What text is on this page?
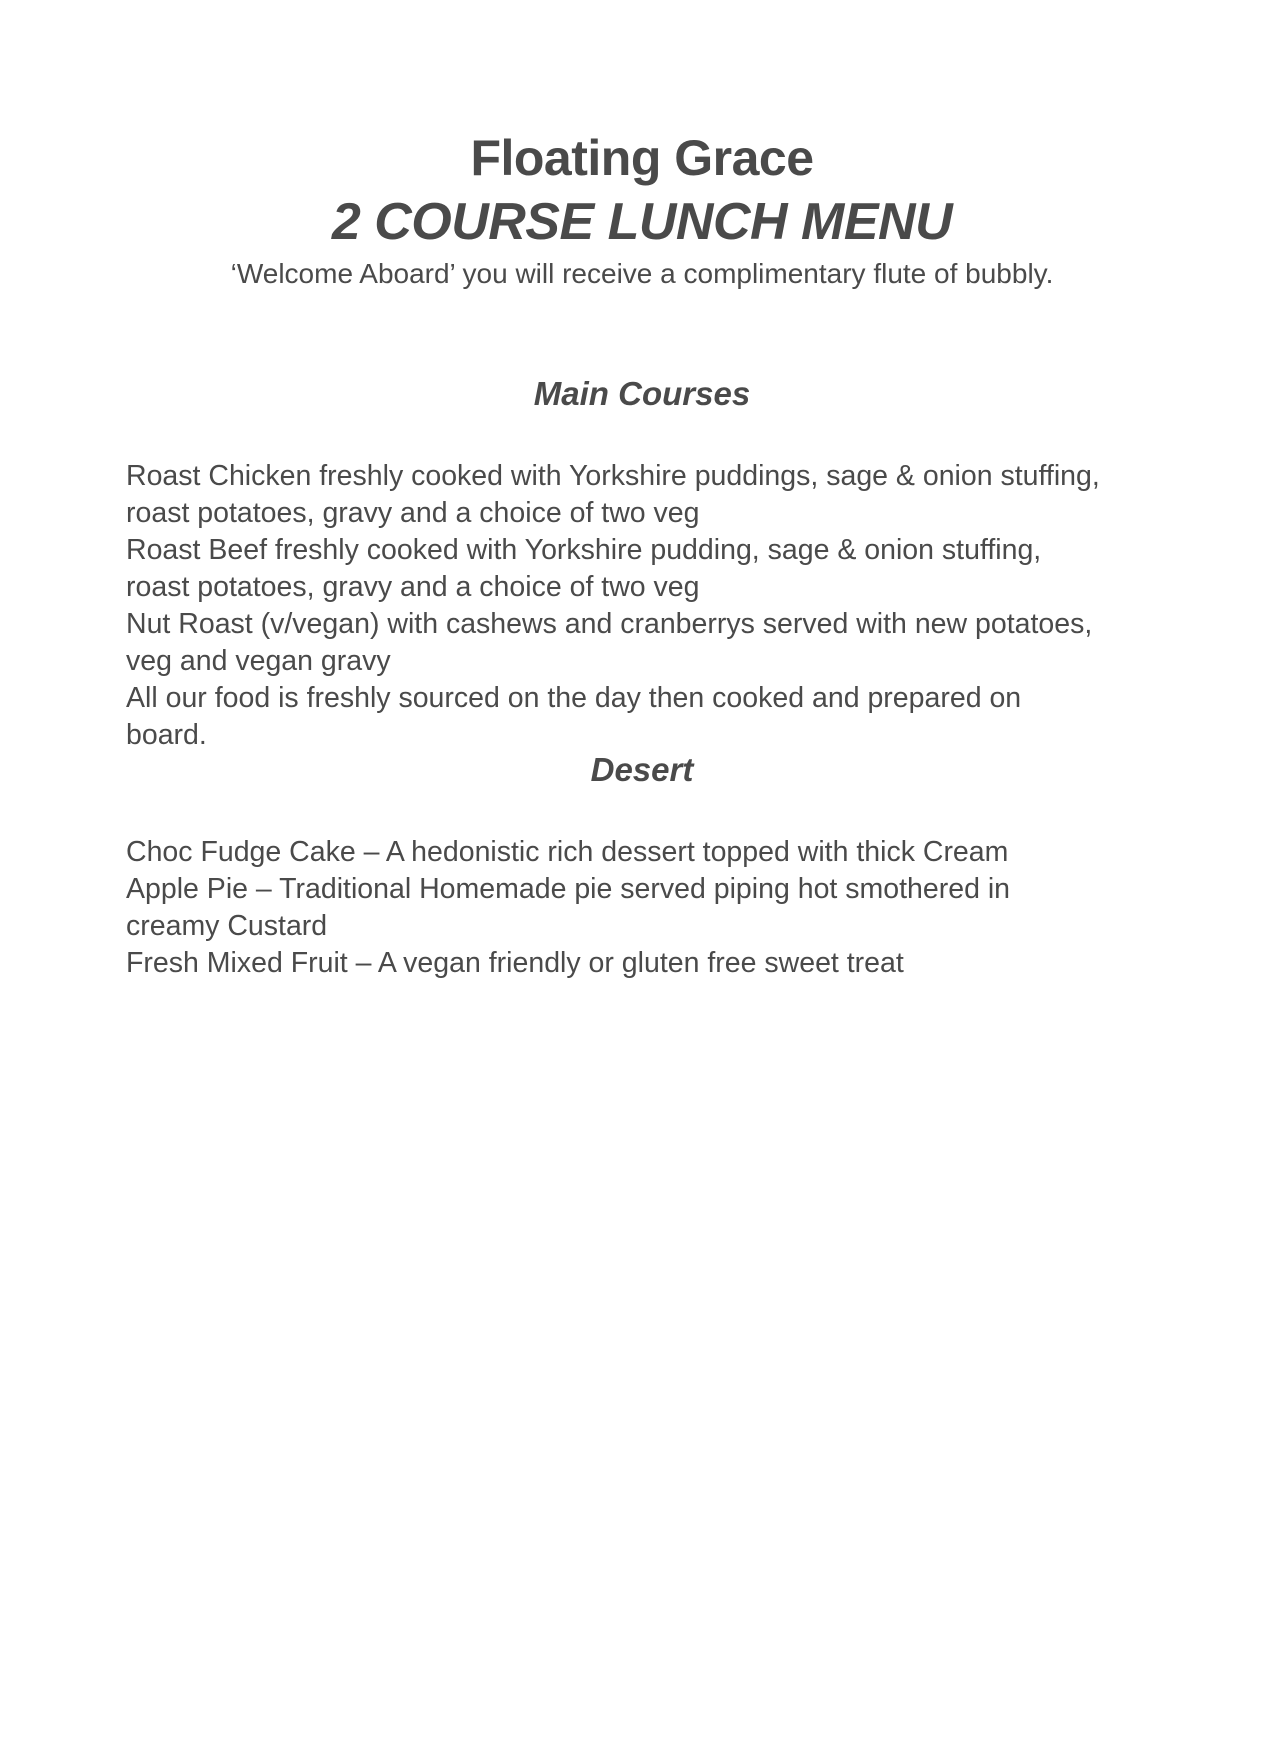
Floating Grace
2 COURSE LUNCH MENU
‘Welcome Aboard’ you will receive a complimentary flute of bubbly.
Main Courses
Roast Chicken freshly cooked with Yorkshire puddings, sage & onion stuffing,
roast potatoes, gravy and a choice of two veg
Roast Beef freshly cooked with Yorkshire pudding, sage & onion stuffing,
roast potatoes, gravy and a choice of two veg
Nut Roast (v/vegan) with cashews and cranberrys served with new potatoes,
veg and vegan gravy
All our food is freshly sourced on the day then cooked and prepared on
board.
Desert
Choc Fudge Cake – A hedonistic rich dessert topped with thick Cream
Apple Pie – Traditional Homemade pie served piping hot smothered in
creamy Custard
Fresh Mixed Fruit – A vegan friendly or gluten free sweet treat
